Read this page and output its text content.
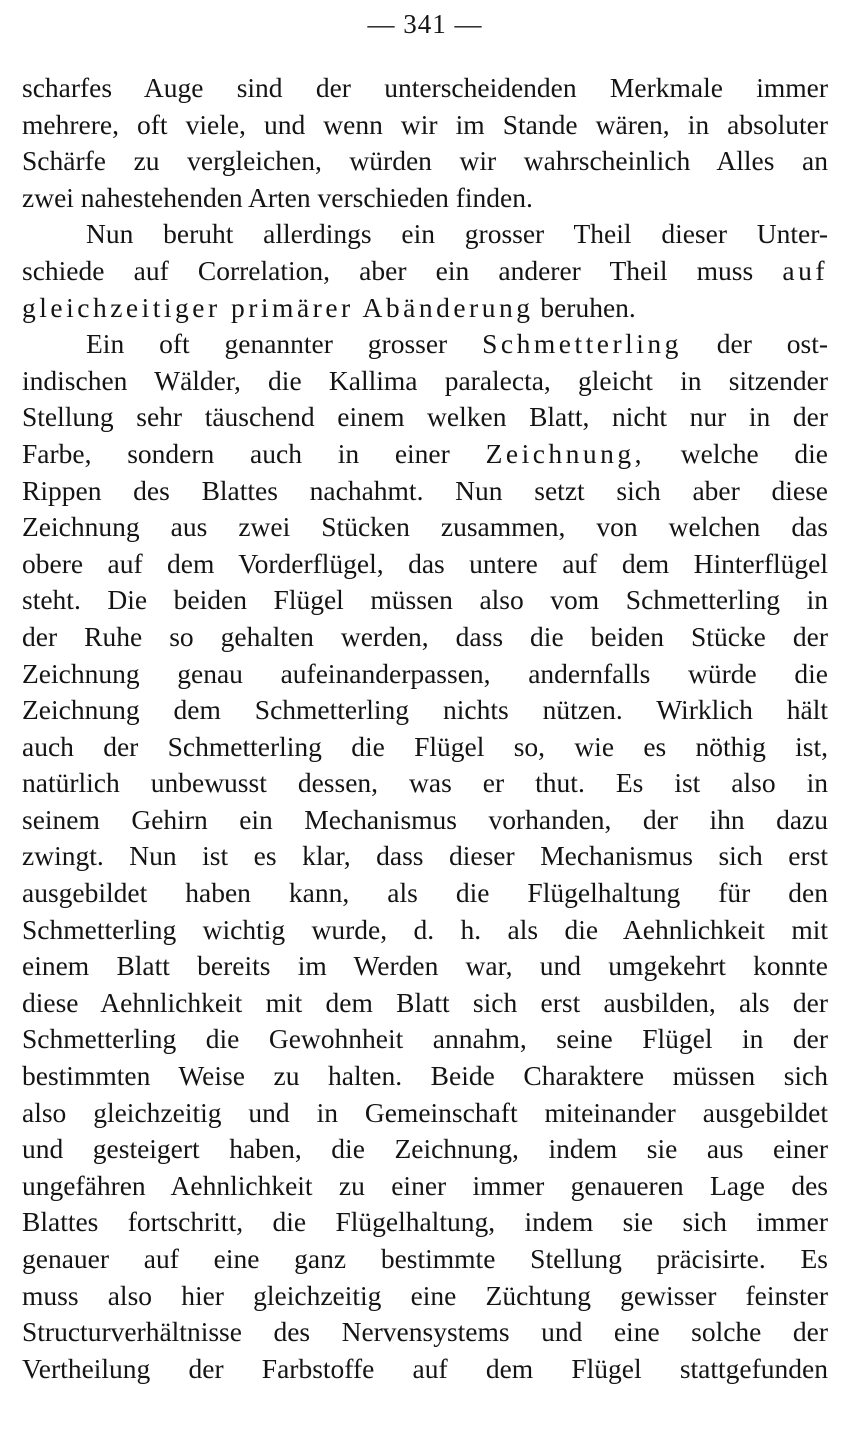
— 341 —
scharfes Auge sind der unterscheidenden Merkmale immer
mehrere, oft viele, und wenn wir im Stande wären, in absoluter
Schärfe zu vergleichen, würden wir wahrscheinlich Alles an
zwei nahestehenden Arten verschieden finden.
Nun beruht allerdings ein grosser Theil dieser Unter-
schiede auf Correlation, aber ein anderer Theil muss auf
gleichzeitiger primärer Abänderung beruhen.
Ein oft genannter grosser Schmetterling der ost-
indischen Wälder, die Kallima paralecta, gleicht in sitzender
Stellung sehr täuschend einem welken Blatt, nicht nur in der
Farbe, sondern auch in einer Zeichnung, welche die
Rippen des Blattes nachahmt. Nun setzt sich aber diese
Zeichnung aus zwei Stücken zusammen, von welchen das
obere auf dem Vorderflügel, das untere auf dem Hinterflügel
steht. Die beiden Flügel müssen also vom Schmetterling in
der Ruhe so gehalten werden, dass die beiden Stücke der
Zeichnung genau aufeinanderpassen, andernfalls würde die
Zeichnung dem Schmetterling nichts nützen. Wirklich hält
auch der Schmetterling die Flügel so, wie es nöthig ist,
natürlich unbewusst dessen, was er thut. Es ist also in
seinem Gehirn ein Mechanismus vorhanden, der ihn dazu
zwingt. Nun ist es klar, dass dieser Mechanismus sich erst
ausgebildet haben kann, als die Flügelhaltung für den
Schmetterling wichtig wurde, d. h. als die Aehnlichkeit mit
einem Blatt bereits im Werden war, und umgekehrt konnte
diese Aehnlichkeit mit dem Blatt sich erst ausbilden, als der
Schmetterling die Gewohnheit annahm, seine Flügel in der
bestimmten Weise zu halten. Beide Charaktere müssen sich
also gleichzeitig und in Gemeinschaft miteinander ausgebildet
und gesteigert haben, die Zeichnung, indem sie aus einer
ungefähren Aehnlichkeit zu einer immer genaueren Lage des
Blattes fortschritt, die Flügelhaltung, indem sie sich immer
genauer auf eine ganz bestimmte Stellung präcisirte. Es
muss also hier gleichzeitig eine Züchtung gewisser feinster
Structurverhältnisse des Nervensystems und eine solche der
Vertheilung der Farbstoffe auf dem Flügel stattgefunden
